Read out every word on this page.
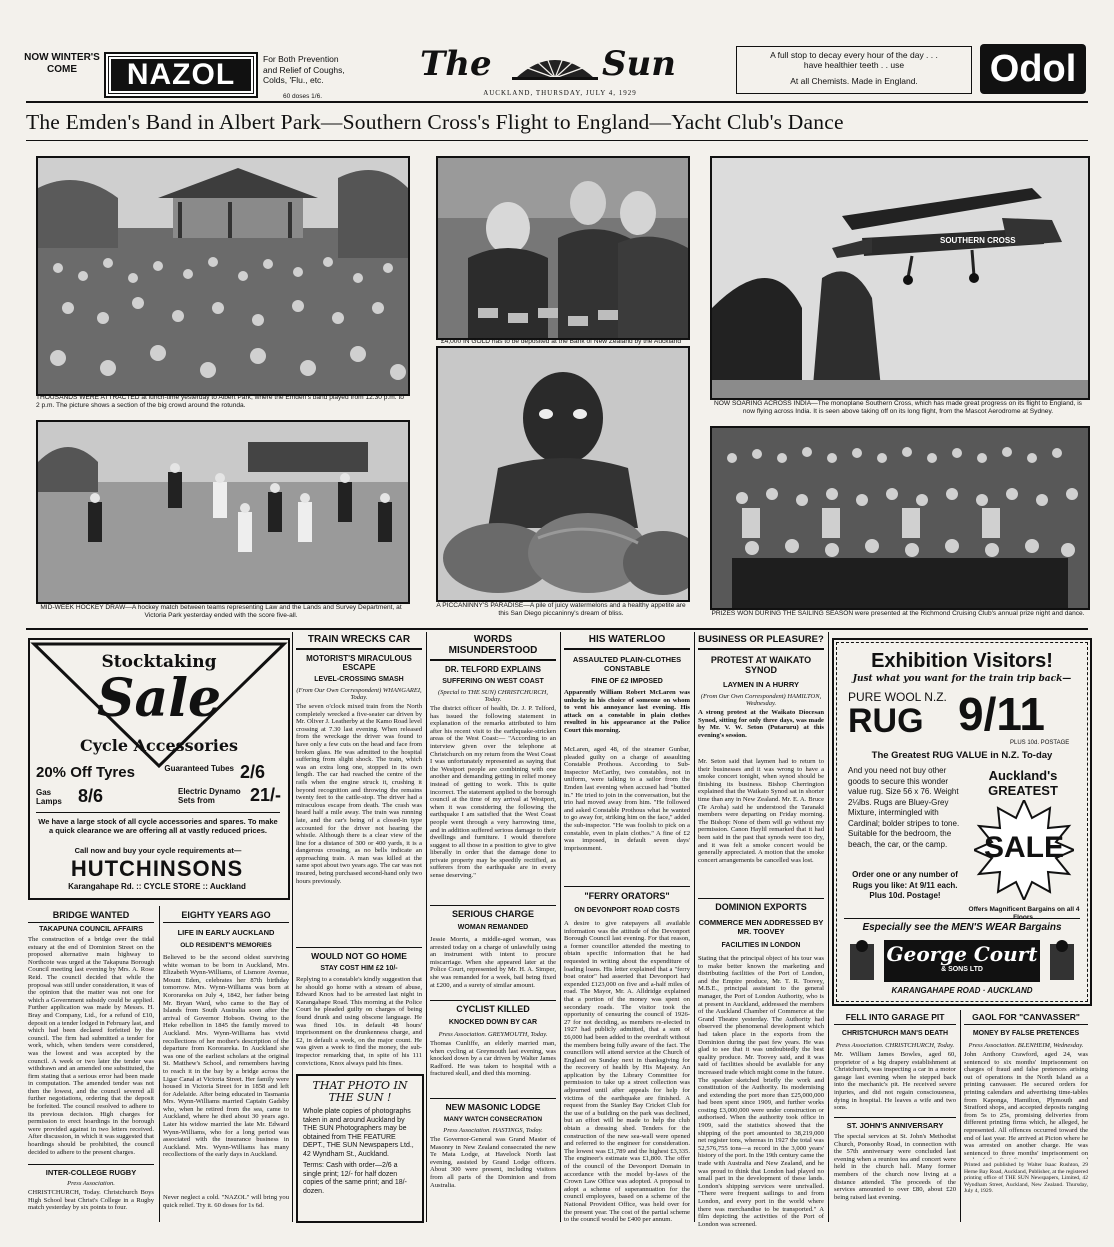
NOW WINTER'S COME	NAZOL	For Both Prevention and Relief of Coughs, Colds, 'Flu., etc.
60 doses 1/6.
The	Sun
AUCKLAND, THURSDAY, JULY 4, 1929
A full stop to decay every hour of the day . . .
have healthier teeth . . use
At all Chemists. Made in England.	Odol
The Emden's Band in Albert Park—Southern Cross's Flight to England—Yacht Club's Dance
THOUSANDS WERE ATTRACTED at lunch-time yesterday to Albert Park, where the Emden's band played from 12.30 p.m. to 2 p.m. The picture shows a section of the big crowd around the rotunda.
£4,000 IN GOLD has to be deposited at the Bank of New Zealand by the Auckland
SOUTHERN CROSS
NOW SOARING ACROSS INDIA—The monoplane Southern Cross, which has made great progress on its flight to England, is now flying across India. It is seen above taking off on its long flight, from the Mascot Aerodrome at Sydney.
MID-WEEK HOCKEY DRAW—A hockey match between teams representing Law and the Lands and Survey Department, at Victoria Park yesterday ended with the score five-all.
A PICCANINNY'S PARADISE—A pile of juicy watermelons and a healthy appetite are this San Diego piccaninny's dream of bliss.	PRIZES WON DURING THE SAILING SEASON were presented at the Richmond Cruising Club's annual prize night and dance.
Stocktaking
Sale
Cycle Accessories
20% Off Tyres	Guaranteed Tubes 2/6
Gas Lamps 8/6	Electric Dynamo Sets from	21/-
We have a large stock of all cycle accessories and spares. To make a quick clearance we are offering all at vastly reduced prices.
Call now and buy your cycle requirements at—
HUTCHINSONS
Karangahape Rd. :: CYCLE STORE :: Auckland
BRIDGE WANTED
TAKAPUNA COUNCIL AFFAIRS
The construction of a bridge over the tidal estuary at the end of Dominion Street on the proposed alternative main highway to Northcote was urged at the Takapuna Borough Council meeting last evening by Mrs. A. Rose Reid. The council decided that while the proposal was still under consideration, it was of the opinion that the matter was not one for which a Government subsidy could be applied. Further application was made by Messrs. H. Bray and Company, Ltd., for a refund of £10, deposit on a tender lodged in February last, and which had been declared forfeited by the council. The firm had submitted a tender for work, which, when tenders were considered, was the lowest and was accepted by the council. A week or two later the tender was withdrawn and an amended one substituted, the firm stating that a serious error had been made in computation. The amended tender was not then the lowest, and the council severed all further negotiations, ordering that the deposit be forfeited. The council resolved to adhere to its previous decision. High charges for permission to erect hoardings in the borough were provided against in two letters received. After discussion, in which it was suggested that hoardings should be prohibited, the council decided to adhere to the present charges.
INTER-COLLEGE RUGBY
Press Association.
CHRISTCHURCH, Today. Christchurch Boys High School beat Christ's College in a Rugby match yesterday by six points to four.
EIGHTY YEARS AGO
LIFE IN EARLY AUCKLAND
OLD RESIDENT'S MEMORIES
Believed to be the second oldest surviving white woman to be born in Auckland, Mrs. Elizabeth Wynn-Williams, of Lismore Avenue, Mount Eden, celebrates her 87th birthday tomorrow. Mrs. Wynn-Williams was born at Kororareka on July 4, 1842, her father being Mr. Bryan Ward, who came to the Bay of Islands from South Australia soon after the arrival of Governor Hobson. Owing to the Heke rebellion in 1845 the family moved to Auckland. Mrs. Wynn-Williams has vivid recollections of her mother's description of the departure from Kororareka. In Auckland she was one of the earliest scholars at the original St. Matthew's School, and remembers having to reach it in the bay by a bridge across the Ligar Canal at Victoria Street. Her family were housed in Victoria Street for in 1858 and left for Adelaide. After being educated in Tasmania Mrs. Wynn-Williams married Captain Gadsby who, when he retired from the sea, came to Auckland, where he died about 30 years ago. Later his widow married the late Mr. Edward Wynn-Williams, who for a long period was associated with the insurance business in Auckland. Mrs. Wynn-Williams has many recollections of the early days in Auckland.
Never neglect a cold. "NAZOL" will bring you quick relief. Try it. 60 doses for 1s 6d.
TRAIN WRECKS CAR
MOTORIST'S MIRACULOUS ESCAPE
LEVEL-CROSSING SMASH
(From Our Own Correspondent) WHANGAREI, Today.
The seven o'clock mixed train from the North completely wrecked a five-seater car driven by Mr. Oliver J. Leatherby at the Kamo Road level crossing at 7.30 last evening. When released from the wreckage the driver was found to have only a few cuts on the head and face from broken glass. He was admitted to the hospital suffering from slight shock. The train, which was an extra long one, stopped in its own length. The car had reached the centre of the rails when the engine struck it, crushing it beyond recognition and throwing the remains twenty feet to the cattle-stop. The driver had a miraculous escape from death. The crash was heard half a mile away. The train was running late, and the car's being of a closed-in type accounted for the driver not hearing the whistle. Although there is a clear view of the line for a distance of 300 or 400 yards, it is a dangerous crossing, as no bells indicate an approaching train. A man was killed at the same spot about two years ago. The car was not insured, being purchased second-hand only two hours previously.
WOULD NOT GO HOME
STAY COST HIM £2 10/-
Replying to a constable's kindly suggestion that he should go home with a stream of abuse, Edward Knox had to be arrested last night in Karangahape Road. This morning at the Police Court he pleaded guilty on charges of being found drunk and using obscene language. He was fined 10s. in default 48 hours' imprisonment on the drunkenness charge, and £2, in default a week, on the major count. He was given a week to find the money, the sub-inspector remarking that, in spite of his 111 convictions, Knox always paid his fines.
THAT PHOTO IN THE SUN !
Whole plate copies of photographs taken in and around Auckland by THE SUN Photographers may be obtained from THE FEATURE DEPT., THE SUN Newspapers Ltd., 42 Wyndham St., Auckland.
Terms: Cash with order—2/6 a single print; 12/- for half dozen copies of the same print; and 18/- dozen.
WORDS MISUNDERSTOOD
DR. TELFORD EXPLAINS
SUFFERING ON WEST COAST
(Special to THE SUN) CHRISTCHURCH, Today.
The district officer of health, Dr. J. P. Telford, has issued the following statement in explanation of the remarks attributed to him after his recent visit to the earthquake-stricken areas of the West Coast:— "According to an interview given over the telephone at Christchurch on my return from the West Coast I was unfortunately represented as saying that the Westport people are combining with one another and demanding getting in relief money instead of getting to work. This is quite incorrect. The statement applied to the borough council at the time of my arrival at Westport, when it was considering the following the earthquake I am satisfied that the West Coast people went through a very harrowing time, and in addition suffered serious damage to their dwellings and furniture. I would therefore suggest to all those in a position to give to give liberally in order that the damage done to private property may be speedily rectified, as sufferers from the earthquake are in every sense deserving."
SERIOUS CHARGE
WOMAN REMANDED
Jessie Morris, a middle-aged woman, was arrested today on a charge of unlawfully using an instrument with intent to procure miscarriage. When she appeared later at the Police Court, represented by Mr. H. A. Simper, she was remanded for a week, bail being fixed at £200, and a surety of similar amount.
CYCLIST KILLED
KNOCKED DOWN BY CAR
Press Association. GREYMOUTH, Today.
Thomas Cunliffe, an elderly married man, when cycling at Greymouth last evening, was knocked down by a car driven by Walter James Radford. He was taken to hospital with a fractured skull, and died this morning.
NEW MASONIC LODGE
MANY WATCH CONSECRATION
Press Association. HASTINGS, Today.
The Governor-General was Grand Master of Masonry in New Zealand consecrated the new Te Mata Lodge, at Havelock North last evening, assisted by Grand Lodge officers. About 300 were present, including visitors from all parts of the Dominion and from Australia.
HIS WATERLOO
ASSAULTED PLAIN-CLOTHES CONSTABLE
FINE OF £2 IMPOSED
Apparently William Robert McLaren was unlucky in his choice of someone on whom to vent his annoyance last evening. His attack on a constable in plain clothes resulted in his appearance at the Police Court this morning.
McLaren, aged 48, of the steamer Gunbar, pleaded guilty on a charge of assaulting Constable Prothous. According to Sub-Inspector McCarthy, two constables, not in uniform, were talking to a sailor from the Emden last evening when accused had "butted in." He tried to join in the conversation, but the trio had moved away from him. "He followed and asked Constable Prothous what he wanted to go away for, striking him on the face," added the sub-inspector. "He was foolish to pick on a constable, even in plain clothes." A fine of £2 was imposed, in default seven days' imprisonment.
"FERRY ORATORS"
ON DEVONPORT ROAD COSTS
A desire to give ratepayers all available information was the attitude of the Devonport Borough Council last evening. For that reason, a former councillor attended the meeting to obtain specific information that he had requested in writing about the expenditure of loading loans. His letter explained that a "ferry boat orator" had asserted that Devonport had expended £123,000 on five and a-half miles of road. The Mayor, Mr. A. Alldridge explained that a portion of the money was spent on secondary roads. The visitor took the opportunity of censuring the council of 1926-27 for not deciding, as members re-elected in 1927 had publicly admitted, that a sum of £6,000 had been added to the overdraft without the members being fully aware of the fact. The councillors will attend service at the Church of England on Sunday next in thanksgiving for the recovery of health by His Majesty. An application by the Library Committee for permission to take up a street collection was adjourned until after appeals for help for victims of the earthquake are finished. A request from the Stanley Bay Cricket Club for the use of a building on the park was declined, but an effort will be made to help the club obtain a dressing shed. Tenders for the construction of the new sea-wall were opened and referred to the engineer for consideration. The lowest was £1,789 and the highest £3,335. The engineer's estimate was £1,800. The offer of the council of the Devonport Domain in accordance with the model by-laws of the Crown Law Office was adopted. A proposal to adopt a scheme of superannuation for the council employees, based on a scheme of the National Provident Office, was held over for the present year. The cost of the partial scheme to the council would be £400 per annum.
BUSINESS OR PLEASURE?
PROTEST AT WAIKATO SYNOD
LAYMEN IN A HURRY
(From Our Own Correspondent) HAMILTON, Wednesday.
A strong protest at the Waikato Diocesan Synod, sitting for only three days, was made by Mr. V. W. Seton (Putaruru) at this evening's session.
Mr. Seton said that laymen had to return to their businesses and it was wrong to have a smoke concert tonight, when synod should be finishing its business. Bishop Cherrington explained that the Waikato Synod sat in shorter time than any in New Zealand. Mr. E. A. Bruce (Te Aroha) said he understood the Taranaki members were departing on Friday morning. The Bishop: None of them will go without my permission. Canon Haylil remarked that it had been said in the past that synods were too dry, and it was felt a smoke concert would be generally appreciated. A motion that the smoke concert arrangements be cancelled was lost.
DOMINION EXPORTS
COMMERCE MEN ADDRESSED BY MR. TOOVEY
FACILITIES IN LONDON
Stating that the principal object of his tour was to make better known the marketing and distributing facilities of the Port of London, and the Empire produce, Mr. T. R. Toovey, M.B.E., principal assistant to the general manager, the Port of London Authority, who is at present in Auckland, addressed the members of the Auckland Chamber of Commerce at the Grand Theatre yesterday. The Authority had observed the phenomenal development which had taken place in the exports from the Dominion during the past few years. He was glad to see that it was undoubtedly the best quality produce. Mr. Toovey said, and it was said of facilities should be available for any increased trade which might come in the future. The speaker sketched briefly the work and constitution of the Authority. Its modernising and extending the port more than £25,000,000 had been spent since 1909, and further works costing £3,000,000 were under construction or authorised. When the authority took office in 1909, said the statistics showed that the shipping of the port amounted to 38,219,000 net register tons, whereas in 1927 the total was 52,576,755 tons—a record in the 3,000 years' history of the port. In the 19th century came the trade with Australia and New Zealand, and he was proud to think that London had played no small part in the development of these lands. London's shipping services were unrivalled. "There were frequent sailings to and from London, and every port in the world where there was merchandise to be transported." A film depicting the activities of the Port of London was screened.
Exhibition Visitors!
Just what you want for the train trip back—
PURE WOOL N.Z.
RUG 9/11
PLUS 10d. POSTAGE
The Greatest RUG VALUE in N.Z. To-day
And you need not buy other goods to secure this wonder value rug. Size 56 x 76. Weight 2¼lbs. Rugs are Bluey-Grey Mixture, intermingled with Cardinal; bolder stripes to tone. Suitable for the bedroom, the beach, the car, or the camp.
Order one or any number of Rugs you like: At 9/11 each. Plus 10d. Postage!
Auckland's GREATEST
SALE
Offers Magnificent Bargains on all 4
Especially see the MEN'S WEAR Bargains
George Court
& SONS LTD
KARANGAHAPE ROAD · AUCKLAND
FELL INTO GARAGE PIT
CHRISTCHURCH MAN'S DEATH
Press Association. CHRISTCHURCH, Today.
Mr. William James Bowles, aged 60, proprietor of a big drapery establishment at Christchurch, was inspecting a car in a motor garage last evening when he stepped back into the mechanic's pit. He received severe injuries, and did not regain consciousness, dying in hospital. He leaves a wife and two sons.
ST. JOHN'S ANNIVERSARY
The special services at St. John's Methodist Church, Ponsonby Road, in connection with the 57th anniversary were concluded last evening when a reunion tea and concert were held in the church hall. Many former members of the church now living at a distance attended. The proceeds of the services amounted to over £80, about £20 being raised last evening.
GAOL FOR "CANVASSER"
MONEY BY FALSE PRETENCES
Press Association. BLENHEIM, Wednesday.
John Anthony Crawford, aged 24, was sentenced to six months' imprisonment on charges of fraud and false pretences arising out of operations in the North Island as a printing canvasser. He secured orders for printing calendars and advertising time-tables from Kaponga, Hamilton, Plymouth and Stratford shops, and accepted deposits ranging from 5s to 25s, promising deliveries from different printing firms which, he alleged, he represented. All offences occurred toward the end of last year. He arrived at Picton where he was arrested on another charge. He was sentenced to three months' imprisonment on
Printed and published by Walter Isaac Rushton, 29 Herne Bay Road, Auckland, Publisher, at the registered printing office of THE SUN Newspapers, Limited, 42 Wyndham Street, Auckland, New Zealand. Thursday, July 4, 1929.
